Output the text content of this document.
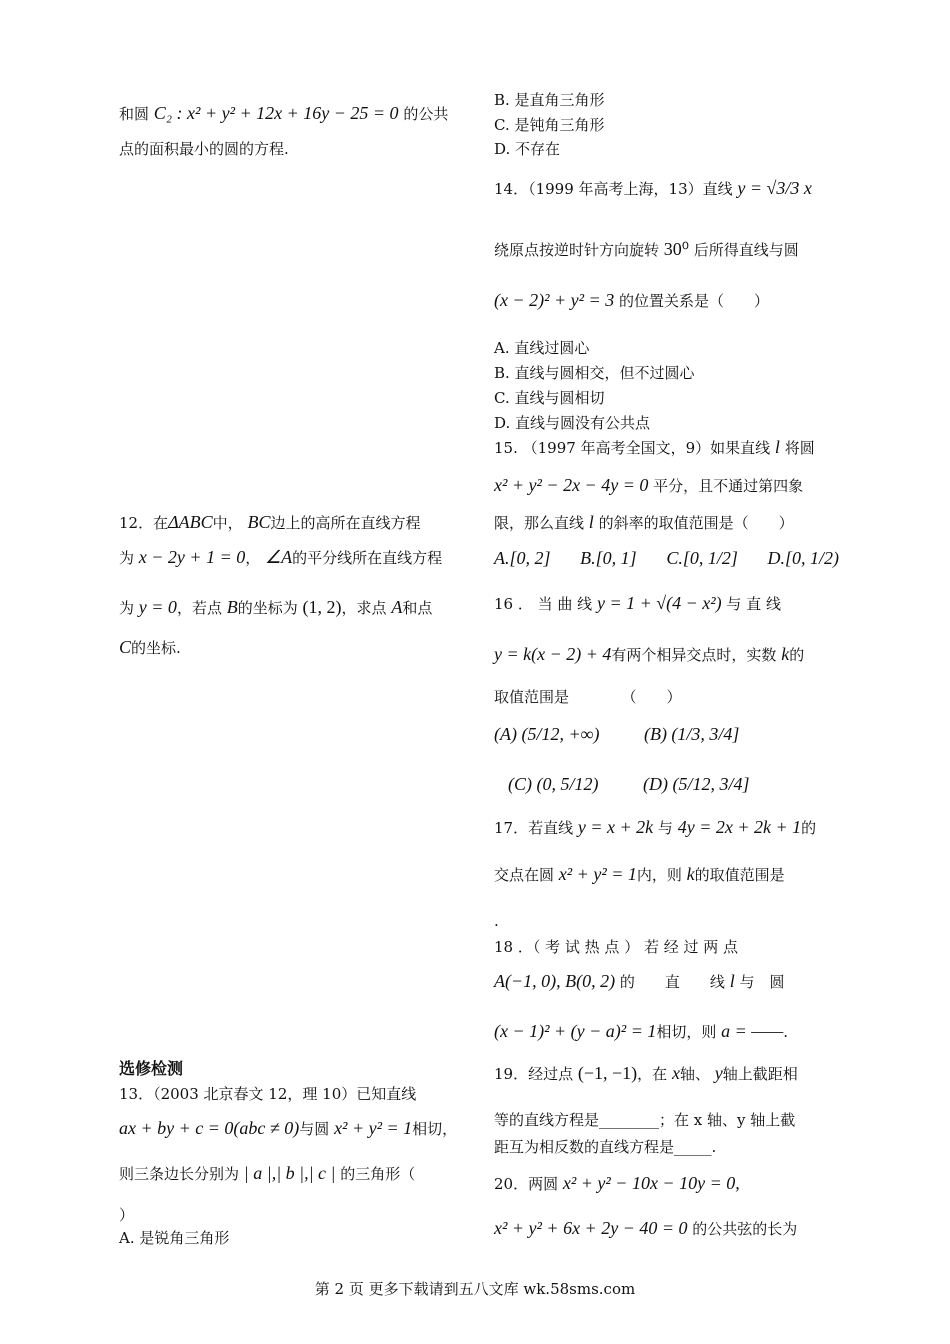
和圆 C₂ : x² + y² + 12x + 16y − 25 = 0 的公共
点的面积最小的圆的方程.
12．在ΔABC中， BC边上的高所在直线方程
为 x − 2y + 1 = 0， ∠A的平分线所在直线方程
为 y = 0，若点 B的坐标为 (1, 2)，求点 A和点
C的坐标.
选修检测
13．（2003 北京春文 12，理 10）已知直线
ax + by + c = 0(abc ≠ 0)与圆 x² + y² = 1相切，
则三条边长分别为 | a |,| b |,| c | 的三角形（
）
A. 是锐角三角形
B. 是直角三角形
C. 是钝角三角形
D. 不存在
14．（1999 年高考上海，13）直线 y = √3/3 x
绕原点按逆时针方向旋转 30⁰ 后所得直线与圆
(x − 2)² + y² = 3 的位置关系是（　　）
A. 直线过圆心
B. 直线与圆相交，但不过圆心
C. 直线与圆相切
D. 直线与圆没有公共点
15. （1997 年高考全国文，9）如果直线 l 将圆
x² + y² − 2x − 4y = 0 平分，且不通过第四象
限，那么直线 l 的斜率的取值范围是（　　）
A.[0, 2] B.[0, 1] C.[0, 1/2] D.[0, 1/2)
16 ． 当 曲 线 y = 1 + √(4 − x²) 与 直 线
y = k(x − 2) + 4有两个相异交点时，实数 k的
取值范围是　　　　（　　）
(A) (5/12, +∞) (B) (1/3, 3/4]
(C) (0, 5/12) (D) (5/12, 3/4]
17．若直线 y = x + 2k 与 4y = 2x + 2k + 1的
交点在圆 x² + y² = 1内，则 k的取值范围是
.
18 ．（ 考 试 热 点 ） 若 经 过 两 点
A(−1, 0), B(0, 2) 的　　直　　线 l 与　圆
(x − 1)² + (y − a)² = 1相切，则 a = ——.
19．经过点 (−1, −1)，在 x轴、 y轴上截距相
等的直线方程是________；在 x 轴、y 轴上截
距互为相反数的直线方程是_____.
20．两圆 x² + y² − 10x − 10y = 0,
x² + y² + 6x + 2y − 40 = 0 的公共弦的长为
第 2 页 更多下载请到五八文库 wk.58sms.com
